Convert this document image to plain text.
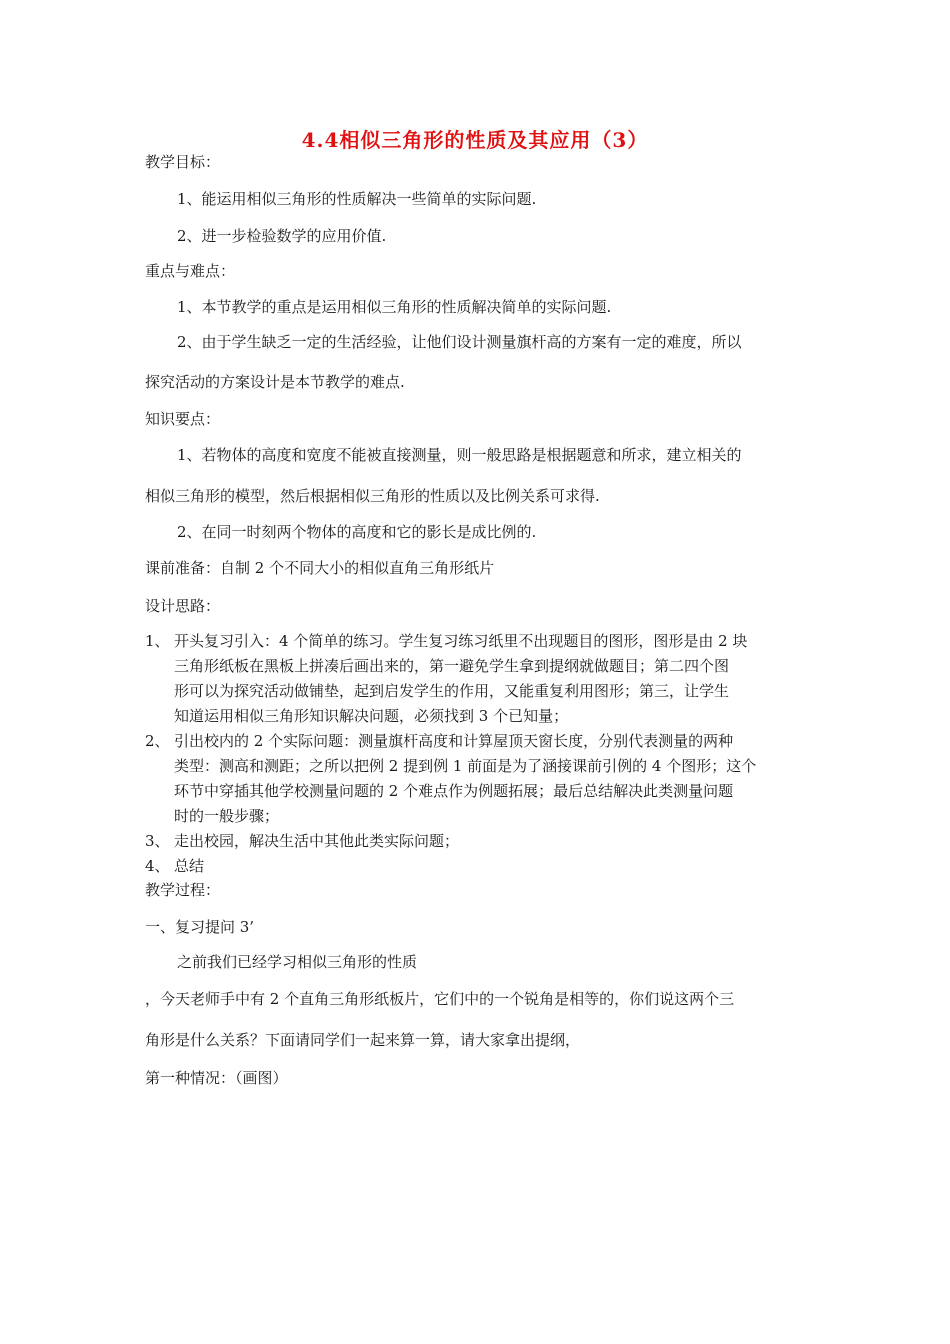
4.4相似三角形的性质及其应用（3）
教学目标：
1、能运用相似三角形的性质解决一些简单的实际问题.
2、进一步检验数学的应用价值.
重点与难点：
1、本节教学的重点是运用相似三角形的性质解决简单的实际问题.
2、由于学生缺乏一定的生活经验，让他们设计测量旗杆高的方案有一定的难度，所以
探究活动的方案设计是本节教学的难点.
知识要点：
1、若物体的高度和宽度不能被直接测量，则一般思路是根据题意和所求，建立相关的
相似三角形的模型，然后根据相似三角形的性质以及比例关系可求得.
2、在同一时刻两个物体的高度和它的影长是成比例的.
课前准备：自制 2 个不同大小的相似直角三角形纸片
设计思路：
1、 开头复习引入：4 个简单的练习。学生复习练习纸里不出现题目的图形，图形是由 2 块
三角形纸板在黑板上拼凑后画出来的，第一避免学生拿到提纲就做题目；第二四个图
形可以为探究活动做铺垫，起到启发学生的作用，又能重复利用图形；第三，让学生
知道运用相似三角形知识解决问题，必须找到 3 个已知量；
2、 引出校内的 2 个实际问题：测量旗杆高度和计算屋顶天窗长度，分别代表测量的两种
类型：测高和测距；之所以把例 2 提到例 1 前面是为了涵接课前引例的 4 个图形；这个
环节中穿插其他学校测量问题的 2 个难点作为例题拓展；最后总结解决此类测量问题
时的一般步骤；
3、 走出校园，解决生活中其他此类实际问题；
4、 总结
教学过程：
一、复习提问 3’
之前我们已经学习相似三角形的性质
，今天老师手中有 2 个直角三角形纸板片，它们中的一个锐角是相等的，你们说这两个三
角形是什么关系？下面请同学们一起来算一算，请大家拿出提纲，
第一种情况：（画图）
